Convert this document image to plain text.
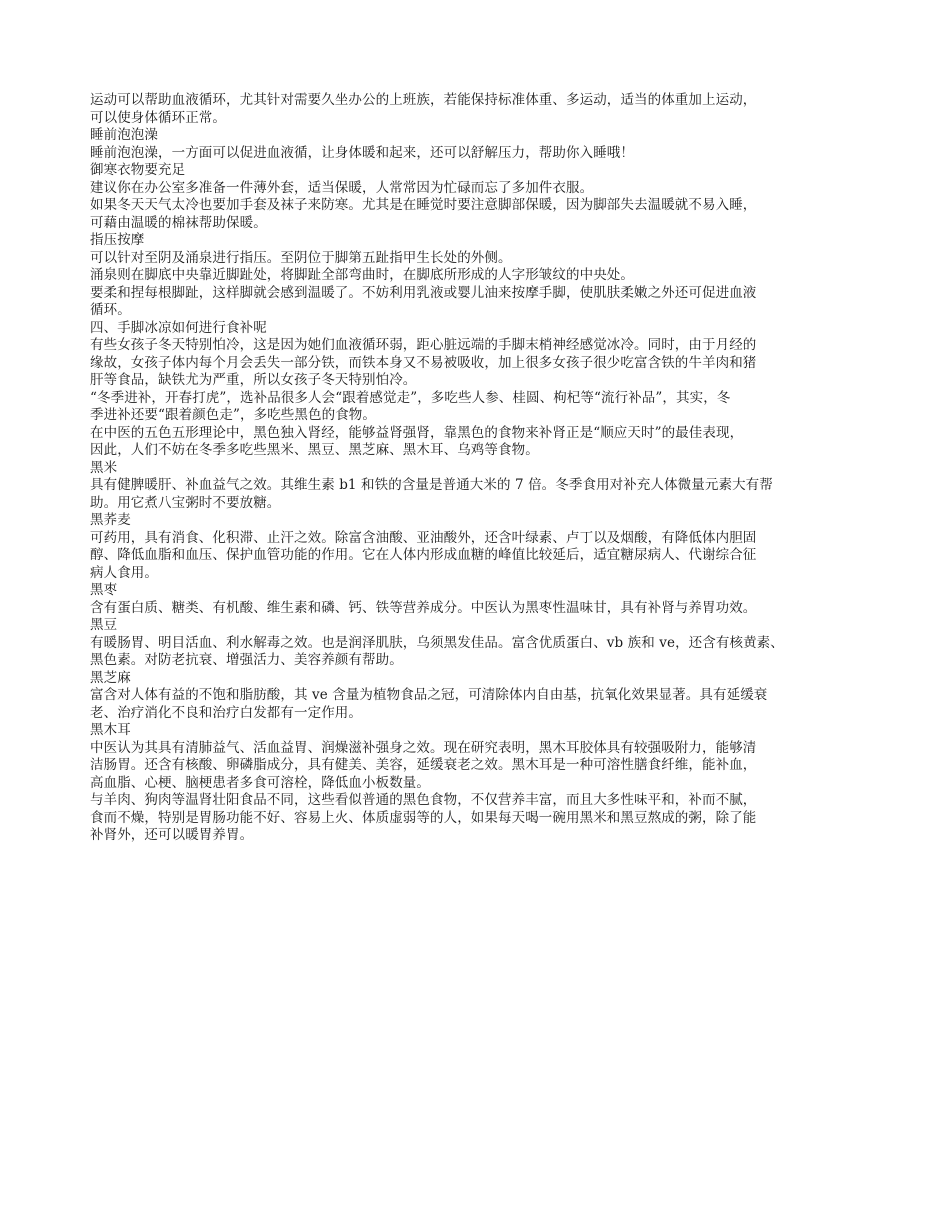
运动可以帮助血液循环，尤其针对需要久坐办公的上班族，若能保持标准体重、多运动，适当的体重加上运动，
可以使身体循环正常。
睡前泡泡澡
睡前泡泡澡，一方面可以促进血液循，让身体暖和起来，还可以舒解压力，帮助你入睡哦！
御寒衣物要充足
建议你在办公室多准备一件薄外套，适当保暖，人常常因为忙碌而忘了多加件衣服。
如果冬天天气太冷也要加手套及袜子来防寒。尤其是在睡觉时要注意脚部保暖，因为脚部失去温暖就不易入睡，
可藉由温暖的棉袜帮助保暖。
指压按摩
可以针对至阴及涌泉进行指压。至阴位于脚第五趾指甲生长处的外侧。
涌泉则在脚底中央靠近脚趾处，将脚趾全部弯曲时，在脚底所形成的人字形皱纹的中央处。
要柔和捏每根脚趾，这样脚就会感到温暖了。不妨利用乳液或婴儿油来按摩手脚，使肌肤柔嫩之外还可促进血液
循环。
四、手脚冰凉如何进行食补呢
有些女孩子冬天特别怕冷，这是因为她们血液循环弱，距心脏远端的手脚末梢神经感觉冰冷。同时，由于月经的
缘故，女孩子体内每个月会丢失一部分铁，而铁本身又不易被吸收，加上很多女孩子很少吃富含铁的牛羊肉和猪
肝等食品，缺铁尤为严重，所以女孩子冬天特别怕冷。
“冬季进补，开春打虎”，选补品很多人会“跟着感觉走”，多吃些人参、桂圆、枸杞等“流行补品”，其实，冬
季进补还要“跟着颜色走”，多吃些黑色的食物。
在中医的五色五形理论中，黑色独入肾经，能够益肾强肾，靠黑色的食物来补肾正是“顺应天时”的最佳表现，
因此，人们不妨在冬季多吃些黑米、黑豆、黑芝麻、黑木耳、乌鸡等食物。
黑米
具有健脾暖肝、补血益气之效。其维生素 b1 和铁的含量是普通大米的 7 倍。冬季食用对补充人体微量元素大有帮
助。用它煮八宝粥时不要放糖。
黑荞麦
可药用，具有消食、化积滞、止汗之效。除富含油酸、亚油酸外，还含叶绿素、卢丁以及烟酸，有降低体内胆固
醇、降低血脂和血压、保护血管功能的作用。它在人体内形成血糖的峰值比较延后，适宜糖尿病人、代谢综合征
病人食用。
黑枣
含有蛋白质、糖类、有机酸、维生素和磷、钙、铁等营养成分。中医认为黑枣性温味甘，具有补肾与养胃功效。
黑豆
有暖肠胃、明目活血、利水解毒之效。也是润泽肌肤，乌须黑发佳品。富含优质蛋白、vb 族和 ve，还含有核黄素、
黑色素。对防老抗衰、增强活力、美容养颜有帮助。
黑芝麻
富含对人体有益的不饱和脂肪酸，其 ve 含量为植物食品之冠，可清除体内自由基，抗氧化效果显著。具有延缓衰
老、治疗消化不良和治疗白发都有一定作用。
黑木耳
中医认为其具有清肺益气、活血益胃、润燥滋补强身之效。现在研究表明，黑木耳胶体具有较强吸附力，能够清
洁肠胃。还含有核酸、卵磷脂成分，具有健美、美容，延缓衰老之效。黑木耳是一种可溶性膳食纤维，能补血，
高血脂、心梗、脑梗患者多食可溶栓，降低血小板数量。
与羊肉、狗肉等温肾壮阳食品不同，这些看似普通的黑色食物，不仅营养丰富，而且大多性味平和，补而不腻，
食而不燥，特别是胃肠功能不好、容易上火、体质虚弱等的人，如果每天喝一碗用黑米和黑豆熬成的粥，除了能
补肾外，还可以暖胃养胃。
